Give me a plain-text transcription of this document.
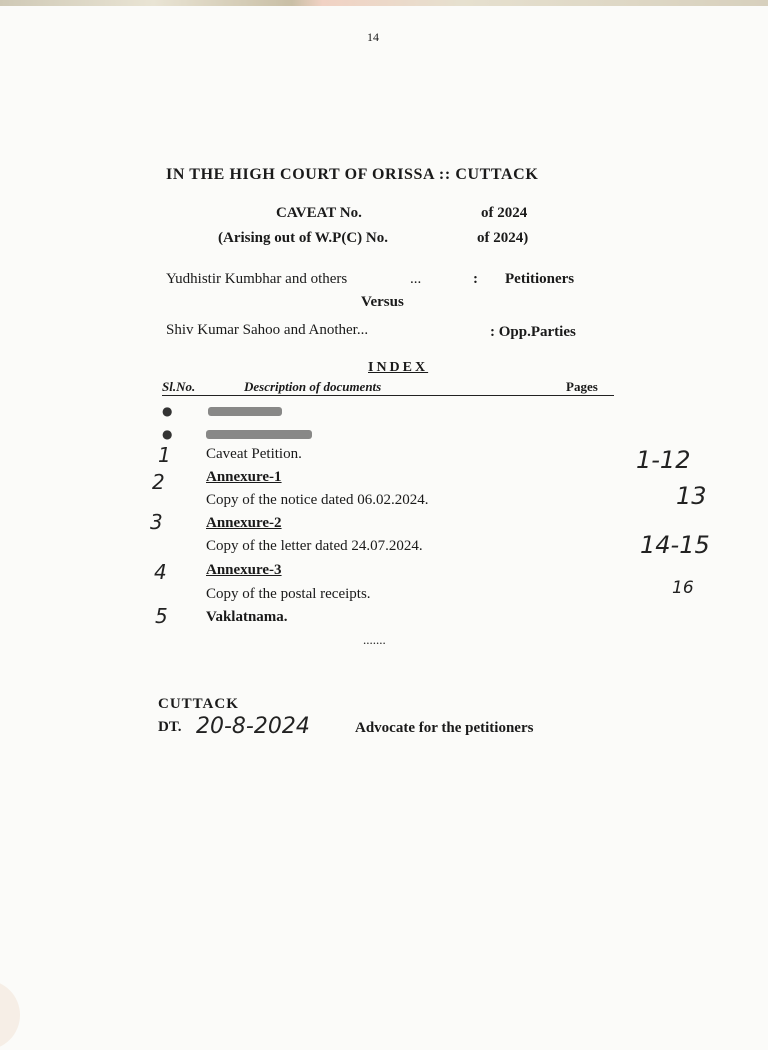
14
IN THE HIGH COURT OF ORISSA :: CUTTACK
CAVEAT No.	of 2024
(Arising out of W.P(C) No.	of 2024)
Yudhistir Kumbhar and others	...	: Petitioners
Versus
Shiv Kumar Sahoo and Another...	: Opp.Parties
INDEX
Sl.No.	Description of documents	Pages
●
●
1 Caveat Petition.	1-12
2	Annexure-1
Copy of the notice dated 06.02.2024.	13
3	Annexure-2
Copy of the letter dated 24.07.2024.	14-15
4	Annexure-3
Copy of the postal receipts.	16
5	Vaklatnama.
.......
CUTTACK
DT. 20-8-2024	Advocate for the petitioners
